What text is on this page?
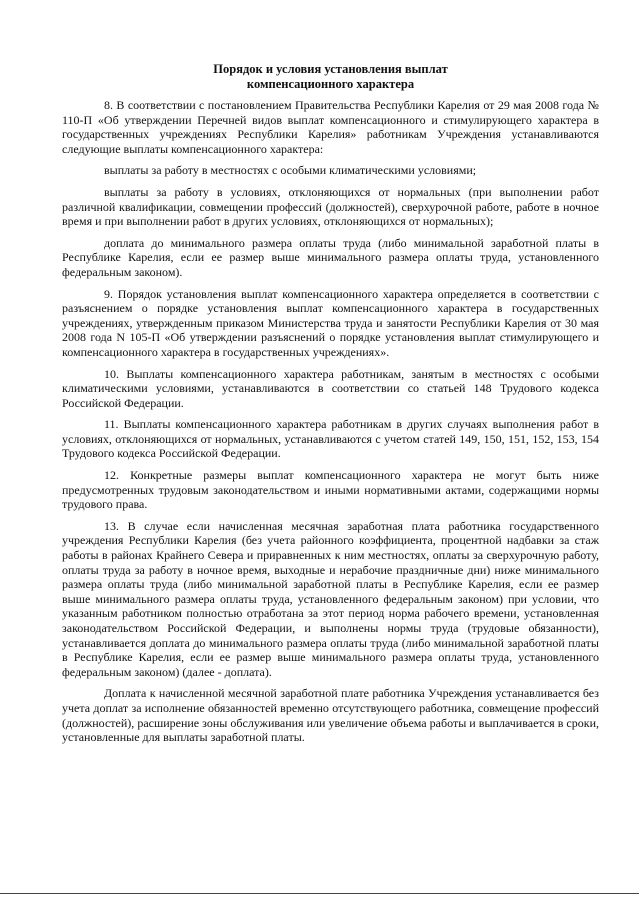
Порядок и условия установления выплат
компенсационного характера

8. В соответствии с постановлением Правительства Республики Карелия от 29 мая 2008 года № 110-П «Об утверждении Перечней видов выплат компенсационного и стимулирующего характера в государственных учреждениях Республики Карелия» работникам Учреждения устанавливаются следующие выплаты компенсационного характера:

выплаты за работу в местностях с особыми климатическими условиями;

выплаты за работу в условиях, отклоняющихся от нормальных (при выполнении работ различной квалификации, совмещении профессий (должностей), сверхурочной работе, работе в ночное время и при выполнении работ в других условиях, отклоняющихся от нормальных);

доплата до минимального размера оплаты труда (либо минимальной заработной платы в Республике Карелия, если ее размер выше минимального размера оплаты труда, установленного федеральным законом).

9. Порядок установления выплат компенсационного характера определяется в соответствии с разъяснением о порядке установления выплат компенсационного характера в государственных учреждениях, утвержденным приказом Министерства труда и занятости Республики Карелия от 30 мая 2008 года N 105-П «Об утверждении разъяснений о порядке установления выплат стимулирующего и компенсационного характера в государственных учреждениях».

10. Выплаты компенсационного характера работникам, занятым в местностях с особыми климатическими условиями, устанавливаются в соответствии со статьей 148 Трудового кодекса Российской Федерации.

11. Выплаты компенсационного характера работникам в других случаях выполнения работ в условиях, отклоняющихся от нормальных, устанавливаются с учетом статей 149, 150, 151, 152, 153, 154 Трудового кодекса Российской Федерации.

12. Конкретные размеры выплат компенсационного характера не могут быть ниже предусмотренных трудовым законодательством и иными нормативными актами, содержащими нормы трудового права.

13. В случае если начисленная месячная заработная плата работника государственного учреждения Республики Карелия (без учета районного коэффициента, процентной надбавки за стаж работы в районах Крайнего Севера и приравненных к ним местностях, оплаты за сверхурочную работу, оплаты труда за работу в ночное время, выходные и нерабочие праздничные дни) ниже минимального размера оплаты труда (либо минимальной заработной платы в Республике Карелия, если ее размер выше минимального размера оплаты труда, установленного федеральным законом) при условии, что указанным работником полностью отработана за этот период норма рабочего времени, установленная законодательством Российской Федерации, и выполнены нормы труда (трудовые обязанности), устанавливается доплата до минимального размера оплаты труда (либо минимальной заработной платы в Республике Карелия, если ее размер выше минимального размера оплаты труда, установленного федеральным законом) (далее - доплата).

Доплата к начисленной месячной заработной плате работника Учреждения устанавливается без учета доплат за исполнение обязанностей временно отсутствующего работника, совмещение профессий (должностей), расширение зоны обслуживания или увеличение объема работы и выплачивается в сроки, установленные для выплаты заработной платы.
